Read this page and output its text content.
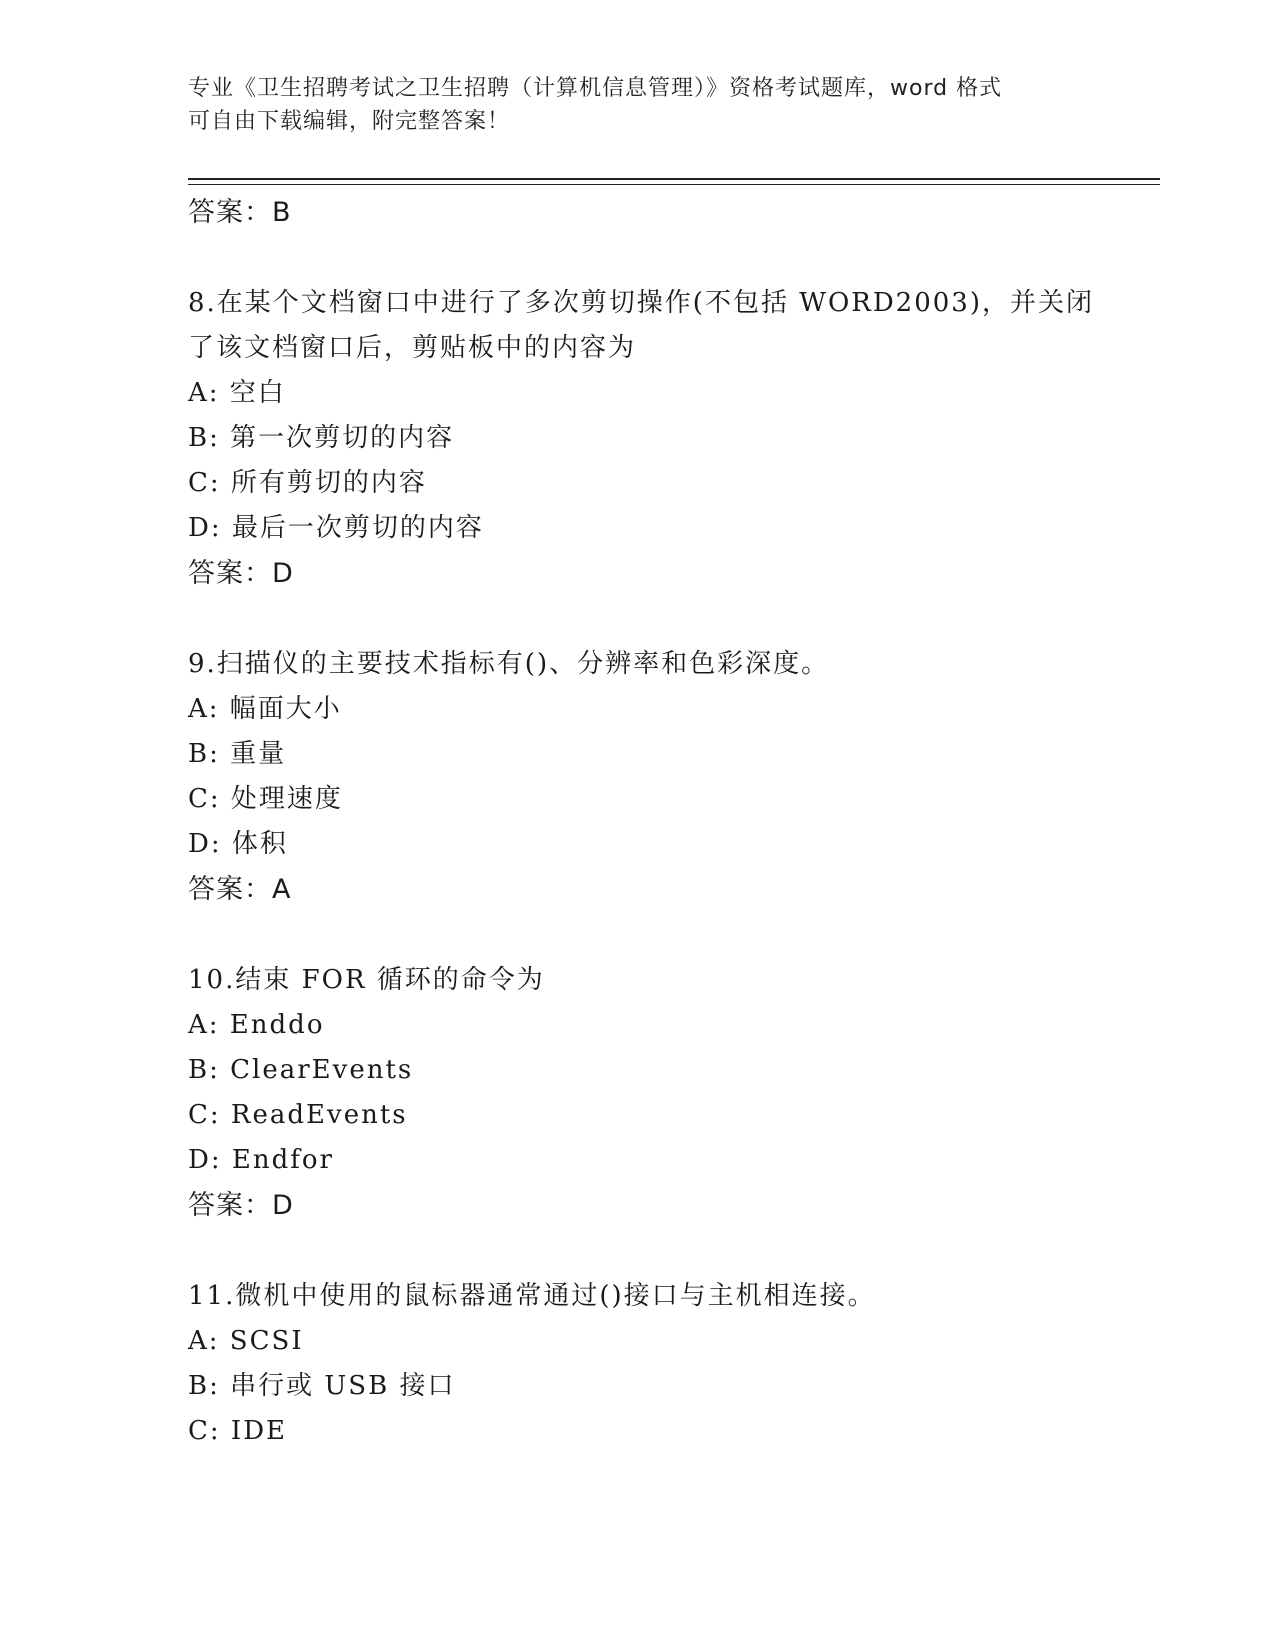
专业《卫生招聘考试之卫生招聘（计算机信息管理）》资格考试题库，word 格式
可自由下载编辑，附完整答案！
答案：B
8.在某个文档窗口中进行了多次剪切操作(不包括 WORD2003)，并关闭
了该文档窗口后，剪贴板中的内容为
A: 空白
B: 第一次剪切的内容
C: 所有剪切的内容
D: 最后一次剪切的内容
答案：D
9.扫描仪的主要技术指标有()、分辨率和色彩深度。
A: 幅面大小
B: 重量
C: 处理速度
D: 体积
答案：A
10.结束 FOR 循环的命令为
A: Enddo
B: ClearEvents
C: ReadEvents
D: Endfor
答案：D
11.微机中使用的鼠标器通常通过()接口与主机相连接。
A: SCSI
B: 串行或 USB 接口
C: IDE
